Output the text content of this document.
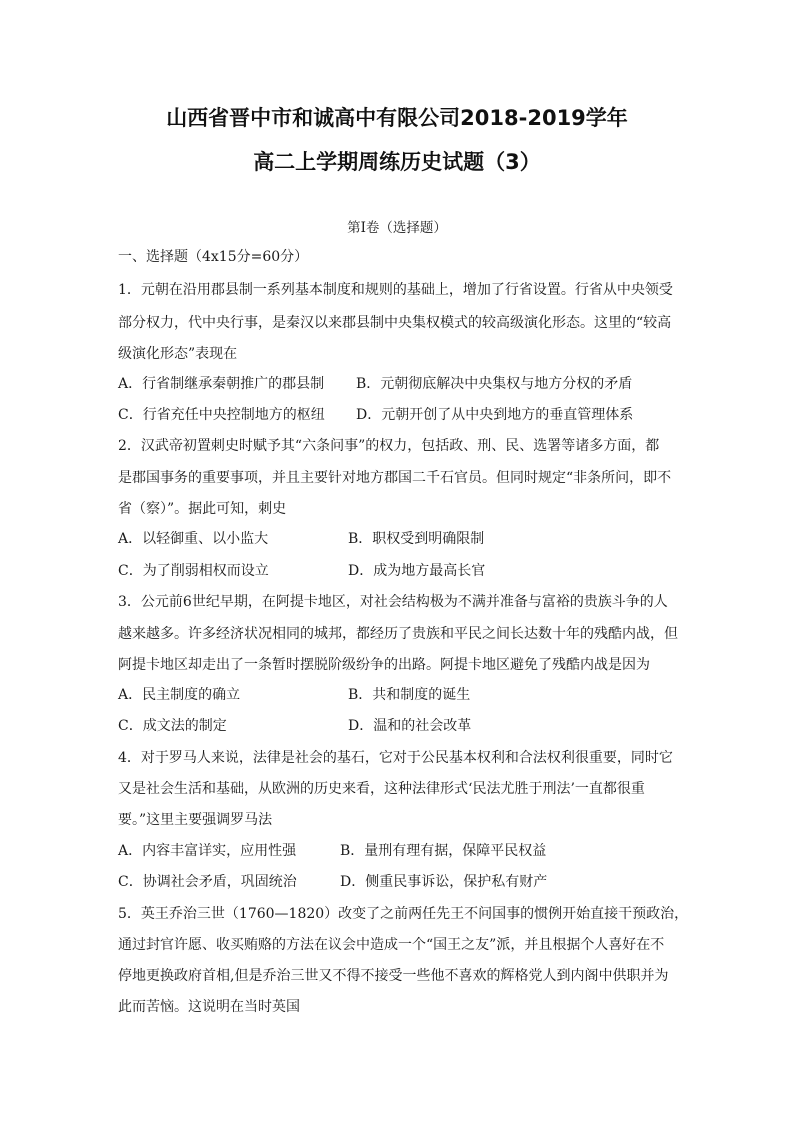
山西省晋中市和诚高中有限公司2018-2019学年
高二上学期周练历史试题（3）
第Ⅰ卷（选择题）
一、选择题（4x15分=60分）
1．元朝在沿用郡县制一系列基本制度和规则的基础上，增加了行省设置。行省从中央领受
部分权力，代中央行事，是秦汉以来郡县制中央集权模式的较高级演化形态。这里的“较高
级演化形态”表现在
A．行省制继承秦朝推广的郡县制 B．元朝彻底解决中央集权与地方分权的矛盾
C．行省充任中央控制地方的枢纽 D．元朝开创了从中央到地方的垂直管理体系
2．汉武帝初置刺史时赋予其“六条问事”的权力，包括政、刑、民、选署等诸多方面，都
是郡国事务的重要事项，并且主要针对地方郡国二千石官员。但同时规定“非条所问，即不
省（察）”。据此可知，刺史
A．以轻御重、以小监大	B．职权受到明确限制
C．为了削弱相权而设立	D．成为地方最高长官
3．公元前6世纪早期，在阿提卡地区，对社会结构极为不满并准备与富裕的贵族斗争的人
越来越多。许多经济状况相同的城邦，都经历了贵族和平民之间长达数十年的残酷内战，但
阿提卡地区却走出了一条暂时摆脱阶级纷争的出路。阿提卡地区避免了残酷内战是因为
A．民主制度的确立	B．共和制度的诞生
C．成文法的制定	D．温和的社会改革
4．对于罗马人来说，法律是社会的基石，它对于公民基本权利和合法权利很重要，同时它
又是社会生活和基础，从欧洲的历史来看，这种法律形式‘民法尤胜于刑法’一直都很重
要。”这里主要强调罗马法
A．内容丰富详实，应用性强	B．量刑有理有据，保障平民权益
C．协调社会矛盾，巩固统治	D．侧重民事诉讼，保护私有财产
5．英王乔治三世（1760—1820）改变了之前两任先王不问国事的惯例开始直接干预政治，
通过封官许愿、收买贿赂的方法在议会中造成一个“国王之友”派，并且根据个人喜好在不
停地更换政府首相,但是乔治三世又不得不接受一些他不喜欢的辉格党人到内阁中供职并为
此而苦恼。这说明在当时英国
